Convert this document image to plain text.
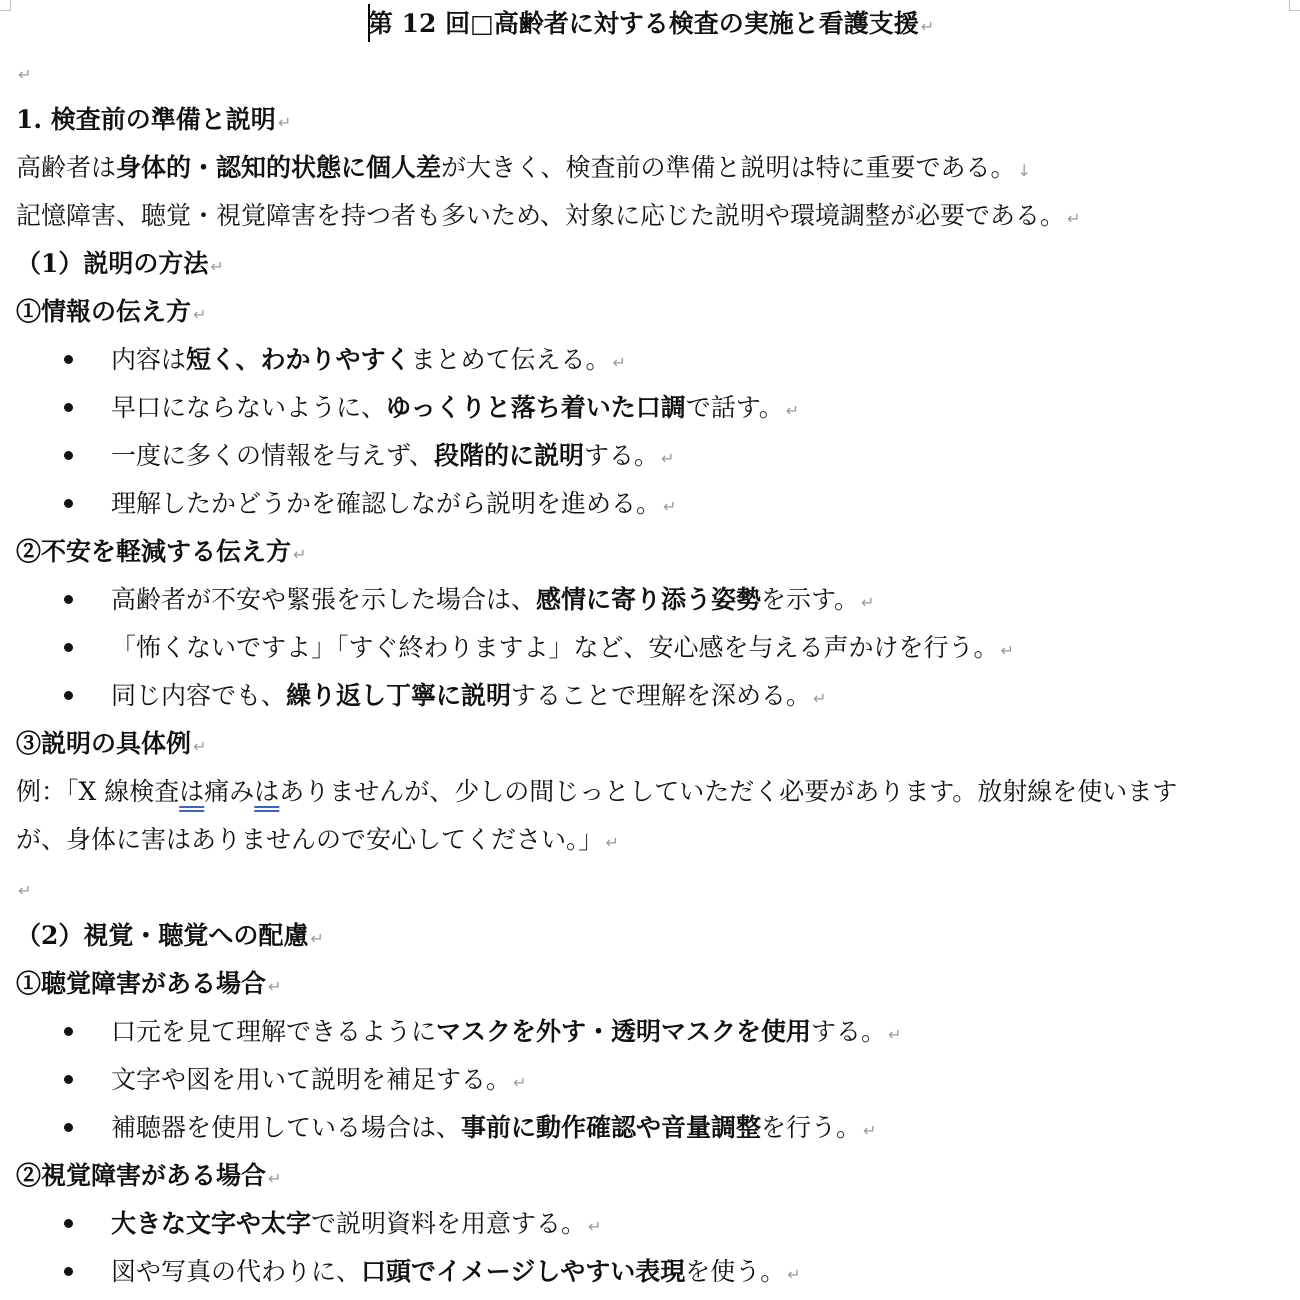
第 12 回□高齢者に対する検査の実施と看護支援 ↵
↵
1. 検査前の準備と説明 ↵
高齢者は身体的・認知的状態に個人差が大きく、検査前の準備と説明は特に重要である。 ↓
記憶障害、聴覚・視覚障害を持つ者も多いため、対象に応じた説明や環境調整が必要である。 ↵
（1）説明の方法 ↵
①情報の伝え方 ↵
内容は短く、わかりやすくまとめて伝える。 ↵
早口にならないように、ゆっくりと落ち着いた口調で話す。 ↵
一度に多くの情報を与えず、段階的に説明する。 ↵
理解したかどうかを確認しながら説明を進める。 ↵
②不安を軽減する伝え方 ↵
高齢者が不安や緊張を示した場合は、感情に寄り添う姿勢を示す。 ↵
「怖くないですよ」「すぐ終わりますよ」など、安心感を与える声かけを行う。 ↵
同じ内容でも、繰り返し丁寧に説明することで理解を深める。 ↵
③説明の具体例 ↵
例：「X 線検査は痛みはありませんが、少しの間じっとしていただく必要があります。放射線を使います
が、身体に害はありませんので安心してください。」 ↵
↵
（2）視覚・聴覚への配慮 ↵
①聴覚障害がある場合 ↵
口元を見て理解できるようにマスクを外す・透明マスクを使用する。 ↵
文字や図を用いて説明を補足する。 ↵
補聴器を使用している場合は、事前に動作確認や音量調整を行う。 ↵
②視覚障害がある場合 ↵
大きな文字や太字で説明資料を用意する。 ↵
図や写真の代わりに、口頭でイメージしやすい表現を使う。 ↵
